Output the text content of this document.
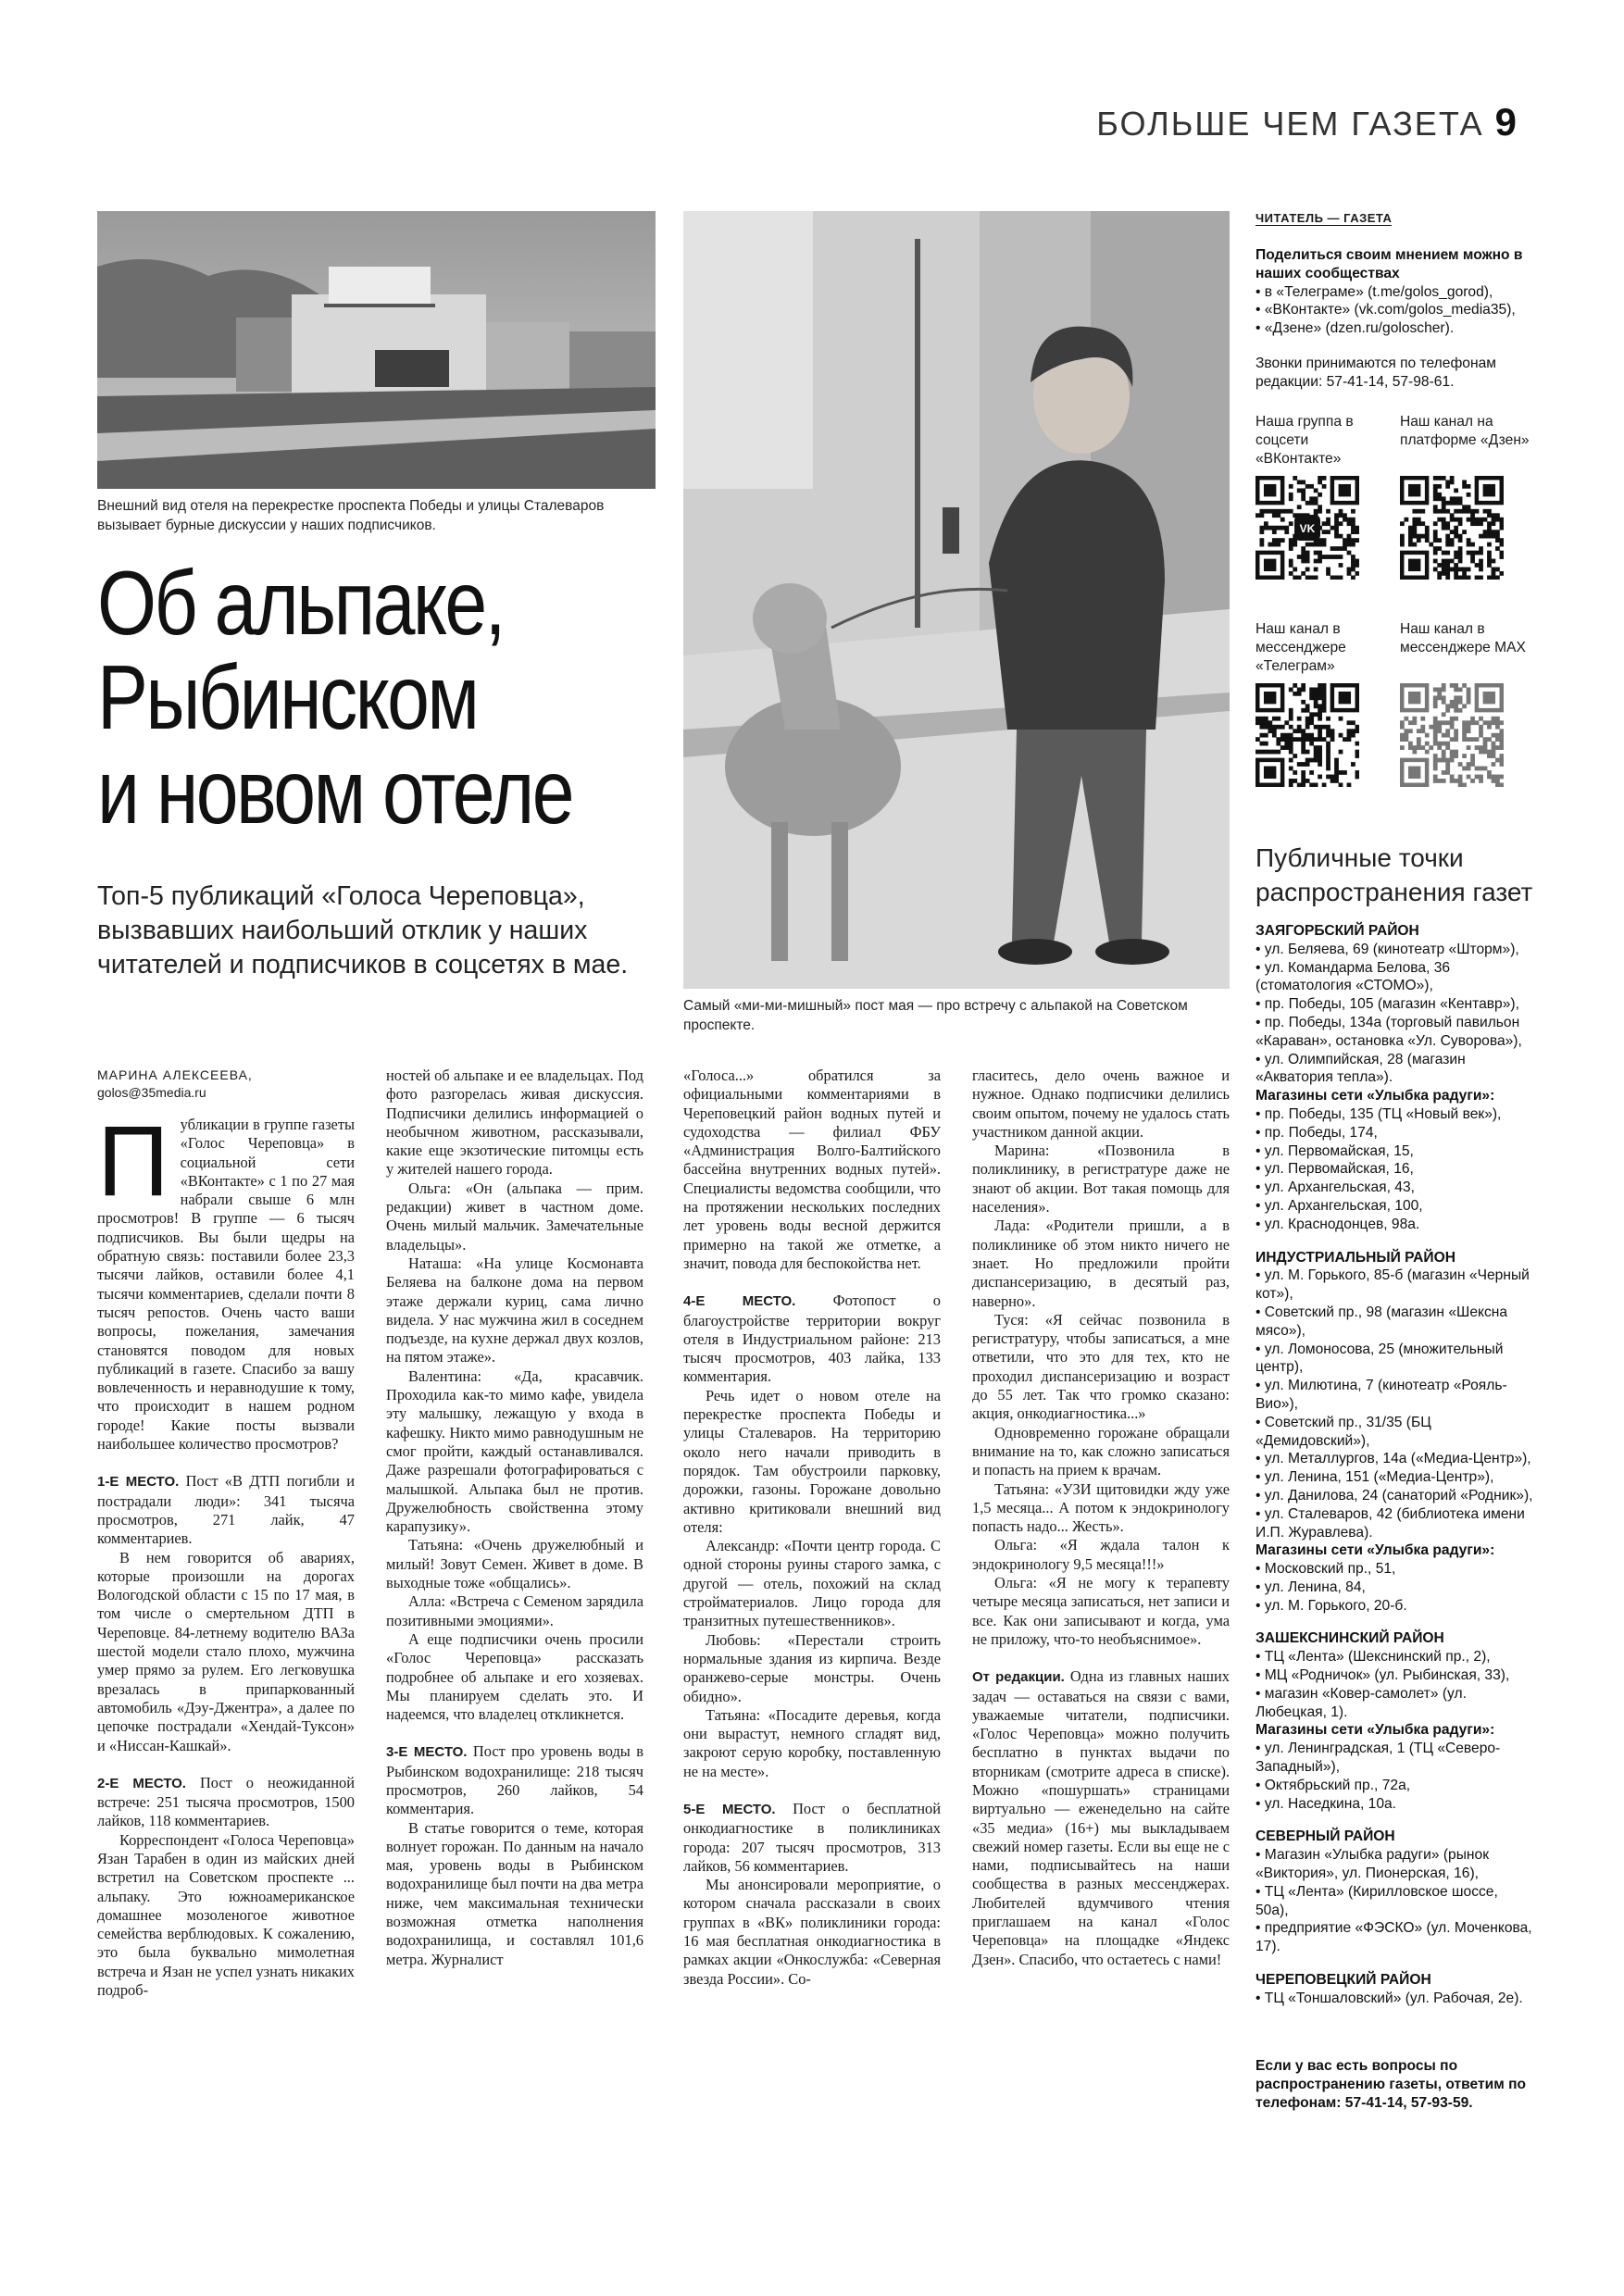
БОЛЬШЕ ЧЕМ ГАЗЕТА 9
Внешний вид отеля на перекрестке проспекта Победы и улицы Сталеваров вызывает бурные дискуссии у наших подписчиков.
Самый «ми-ми-мишный» пост мая — про встречу с альпакой на Советском проспекте.
Об альпаке,
Рыбинском
и новом отеле
Топ-5 публикаций «Голоса Череповца», вызвавших наибольший отклик у наших читателей и подписчиков в соцсетях в мае.
МАРИНА АЛЕКСЕЕВА,
golos@35media.ru

Публикации в группе газеты «Голос Череповца» в социальной сети «ВКонтакте» с 1 по 27 мая набрали свыше 6 млн просмотров! В группе — 6 тысяч подписчиков. Вы были щедры на обратную связь: поставили более 23,3 тысячи лайков, оставили более 4,1 тысячи комментариев, сделали почти 8 тысяч репостов. Очень часто ваши вопросы, пожелания, замечания становятся поводом для новых публикаций в газете. Спасибо за вашу вовлеченность и неравнодушие к тому, что происходит в нашем родном городе! Какие посты вызвали наибольшее количество просмотров?

1-Е МЕСТО. Пост «В ДТП погибли и пострадали люди»: 341 тысяча просмотров, 271 лайк, 47 комментариев.

В нем говорится об авариях, которые произошли на дорогах Вологодской области с 15 по 17 мая, в том числе о смертельном ДТП в Череповце. 84-летнему водителю ВАЗа шестой модели стало плохо, мужчина умер прямо за рулем. Его легковушка врезалась в припаркованный автомобиль «Дэу-Джентра», а далее по цепочке пострадали «Хендай-Туксон» и «Ниссан-Кашкай».

2-Е МЕСТО. Пост о неожиданной встрече: 251 тысяча просмотров, 1500 лайков, 118 комментариев.

Корреспондент «Голоса Череповца» Язан Тарабен в один из майских дней встретил на Советском проспекте ... альпаку. Это южноамериканское домашнее мозоленогое животное семейства верблюдовых. К сожалению, это была буквально мимолетная встреча и Язан не успел узнать никаких подроб-

ностей об альпаке и ее владельцах. Под фото разгорелась живая дискуссия. Подписчики делились информацией о необычном животном, рассказывали, какие еще экзотические питомцы есть у жителей нашего города.

Ольга: «Он (альпака — прим. редакции) живет в частном доме. Очень милый мальчик. Замечательные владельцы».

Наташа: «На улице Космонавта Беляева на балконе дома на первом этаже держали куриц, сама лично видела. У нас мужчина жил в соседнем подъезде, на кухне держал двух козлов, на пятом этаже».

Валентина: «Да, красавчик. Проходила как-то мимо кафе, увидела эту малышку, лежащую у входа в кафешку. Никто мимо равнодушным не смог пройти, каждый останавливался. Даже разрешали фотографироваться с малышкой. Альпака был не против. Дружелюбность свойственна этому карапузику».

Татьяна: «Очень дружелюбный и милый! Зовут Семен. Живет в доме. В выходные тоже «общались».

Алла: «Встреча с Семеном зарядила позитивными эмоциями».

А еще подписчики очень просили «Голос Череповца» рассказать подробнее об альпаке и его хозяевах. Мы планируем сделать это. И надеемся, что владелец откликнется.

3-Е МЕСТО. Пост про уровень воды в Рыбинском водохранилище: 218 тысяч просмотров, 260 лайков, 54 комментария.

В статье говорится о теме, которая волнует горожан. По данным на начало мая, уровень воды в Рыбинском водохранилище был почти на два метра ниже, чем максимальная технически возможная отметка наполнения водохранилища, и составлял 101,6 метра. Журналист

«Голоса...» обратился за официальными комментариями в Череповецкий район водных путей и судоходства — филиал ФБУ «Администрация Волго-Балтийского бассейна внутренних водных путей». Специалисты ведомства сообщили, что на протяжении нескольких последних лет уровень воды весной держится примерно на такой же отметке, а значит, повода для беспокойства нет.

4-Е МЕСТО. Фотопост о благоустройстве территории вокруг отеля в Индустриальном районе: 213 тысяч просмотров, 403 лайка, 133 комментария.

Речь идет о новом отеле на перекрестке проспекта Победы и улицы Сталеваров. На территорию около него начали приводить в порядок. Там обустроили парковку, дорожки, газоны. Горожане довольно активно критиковали внешний вид отеля:

Александр: «Почти центр города. С одной стороны руины старого замка, с другой — отель, похожий на склад стройматериалов. Лицо города для транзитных путешественников».

Любовь: «Перестали строить нормальные здания из кирпича. Везде оранжево-серые монстры. Очень обидно».

Татьяна: «Посадите деревья, когда они вырастут, немного сгладят вид, закроют серую коробку, поставленную не на месте».

5-Е МЕСТО. Пост о бесплатной онкодиагностике в поликлиниках города: 207 тысяч просмотров, 313 лайков, 56 комментариев.

Мы анонсировали мероприятие, о котором сначала рассказали в своих группах в «ВК» поликлиники города: 16 мая бесплатная онкодиагностика в рамках акции «Онкослужба: «Северная звезда России». Со-

гласитесь, дело очень важное и нужное. Однако подписчики делились своим опытом, почему не удалось стать участником данной акции.

Марина: «Позвонила в поликлинику, в регистратуре даже не знают об акции. Вот такая помощь для населения».

Лада: «Родители пришли, а в поликлинике об этом никто ничего не знает. Но предложили пройти диспансеризацию, в десятый раз, наверно».

Туся: «Я сейчас позвонила в регистратуру, чтобы записаться, а мне ответили, что это для тех, кто не проходил диспансеризацию и возраст до 55 лет. Так что громко сказано: акция, онкодиагностика...»

Одновременно горожане обращали внимание на то, как сложно записаться и попасть на прием к врачам.

Татьяна: «УЗИ щитовидки жду уже 1,5 месяца... А потом к эндокринологу попасть надо... Жесть».

Ольга: «Я ждала талон к эндокринологу 9,5 месяца!!!»

Ольга: «Я не могу к терапевту четыре месяца записаться, нет записи и все. Как они записывают и когда, ума не приложу, что-то необъяснимое».

От редакции. Одна из главных наших задач — оставаться на связи с вами, уважаемые читатели, подписчики. «Голос Череповца» можно получить бесплатно в пунктах выдачи по вторникам (смотрите адреса в списке). Можно «пошуршать» страницами виртуально — еженедельно на сайте «35 медиа» (16+) мы выкладываем свежий номер газеты. Если вы еще не с нами, подписывайтесь на наши сообщества в разных мессенджерах. Любителей вдумчивого чтения приглашаем на канал «Голос Череповца» на площадке «Яндекс Дзен». Спасибо, что остаетесь с нами!

ЧИТАТЕЛЬ — ГАЗЕТА
Поделиться своим мнением можно в наших сообществах
• в «Телеграме» (t.me/golos_gorod),
• «ВКонтакте» (vk.com/golos_media35),
• «Дзене» (dzen.ru/goloscher).
Звонки принимаются по телефонам редакции: 57-41-14, 57-98-61.
Наша группа в соцсети «ВКонтакте»
Наш канал на платформе «Дзен»
VK
Наш канал в мессенджере «Телеграм»
Наш канал в мессенджере MAX
Публичные точки распространения газет
ЗАЯГОРБСКИЙ РАЙОН
• ул. Беляева, 69 (кинотеатр «Шторм»),
• ул. Командарма Белова, 36 (стоматология «СТОМО»),
• пр. Победы, 105 (магазин «Кентавр»),
• пр. Победы, 134а (торговый павильон «Караван», остановка «Ул. Суворова»),
• ул. Олимпийская, 28 (магазин «Акватория тепла»).
Магазины сети «Улыбка радуги»:
• пр. Победы, 135 (ТЦ «Новый век»),
• пр. Победы, 174,
• ул. Первомайская, 15,
• ул. Первомайская, 16,
• ул. Архангельская, 43,
• ул. Архангельская, 100,
• ул. Краснодонцев, 98а.
ИНДУСТРИАЛЬНЫЙ РАЙОН
• ул. М. Горького, 85-б (магазин «Черный кот»),
• Советский пр., 98 (магазин «Шексна мясо»),
• ул. Ломоносова, 25 (множительный центр),
• ул. Милютина, 7 (кинотеатр «Рояль-Вио»),
• Советский пр., 31/35 (БЦ «Демидовский»),
• ул. Металлургов, 14а («Медиа-Центр»),
• ул. Ленина, 151 («Медиа-Центр»),
• ул. Данилова, 24 (санаторий «Родник»),
• ул. Сталеваров, 42 (библиотека имени И.П. Журавлева).
Магазины сети «Улыбка радуги»:
• Московский пр., 51,
• ул. Ленина, 84,
• ул. М. Горького, 20-б.
ЗАШЕКСНИНСКИЙ РАЙОН
• ТЦ «Лента» (Шекснинский пр., 2),
• МЦ «Родничок» (ул. Рыбинская, 33),
• магазин «Ковер-самолет» (ул. Любецкая, 1).
Магазины сети «Улыбка радуги»:
• ул. Ленинградская, 1 (ТЦ «Северо-Западный»),
• Октябрьский пр., 72а,
• ул. Наседкина, 10а.
СЕВЕРНЫЙ РАЙОН
• Магазин «Улыбка радуги» (рынок «Виктория», ул. Пионерская, 16),
• ТЦ «Лента» (Кирилловское шоссе, 50а),
• предприятие «ФЭСКО» (ул. Моченкова, 17).
ЧЕРЕПОВЕЦКИЙ РАЙОН
• ТЦ «Тоншаловский» (ул. Рабочая, 2е).
Если у вас есть вопросы по распространению газеты, ответим по телефонам: 57-41-14, 57-93-59.
